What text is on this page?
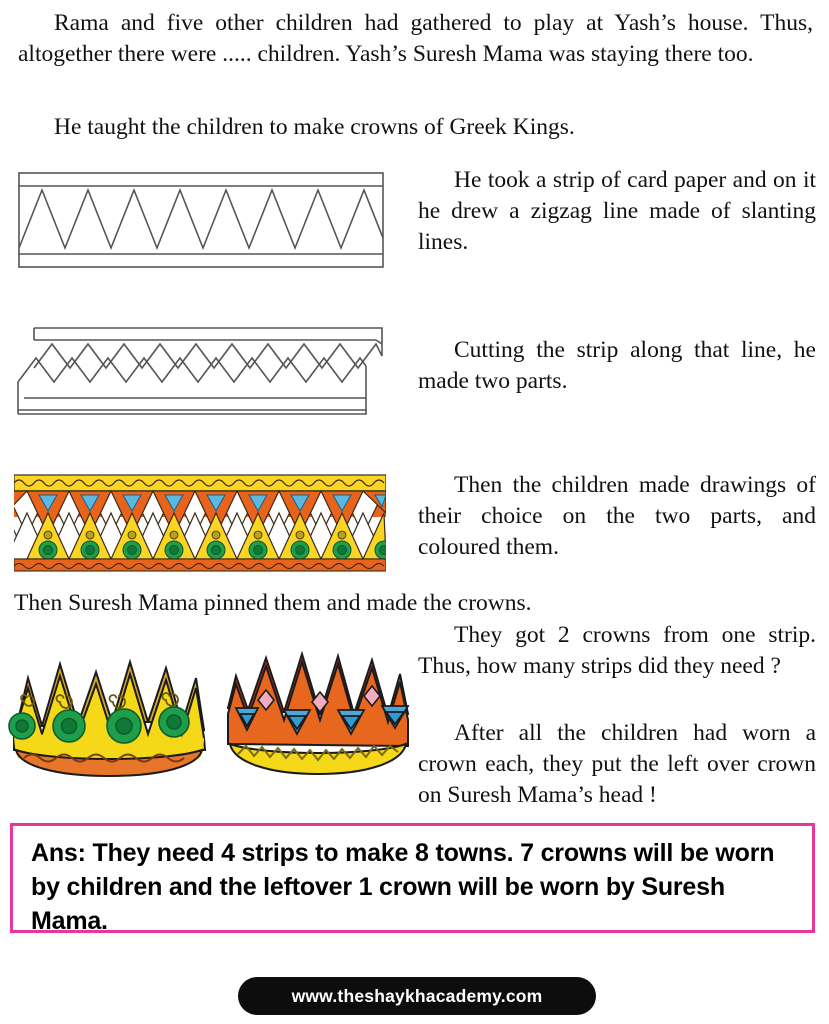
Rama and five other children had gathered to play at Yash’s house. Thus, altogether there were ..... children. Yash’s Suresh Mama was staying there too.
He taught the children to make crowns of Greek Kings.
He took a strip of card paper and on it he drew a zigzag line made of slanting lines.
Cutting the strip along that line, he made two parts.
Then the children made drawings of their choice on the two parts, and coloured them.
Then Suresh Mama pinned them and made the crowns.
They got 2 crowns from one strip. Thus, how many strips did they need ?
After all the children had worn a crown each, they put the left over crown on Suresh Mama’s head !
Ans: They need 4 strips to make 8 towns. 7 crowns will be worn by children and the leftover 1 crown will be worn by Suresh Mama.
www.theshaykhacademy.com
